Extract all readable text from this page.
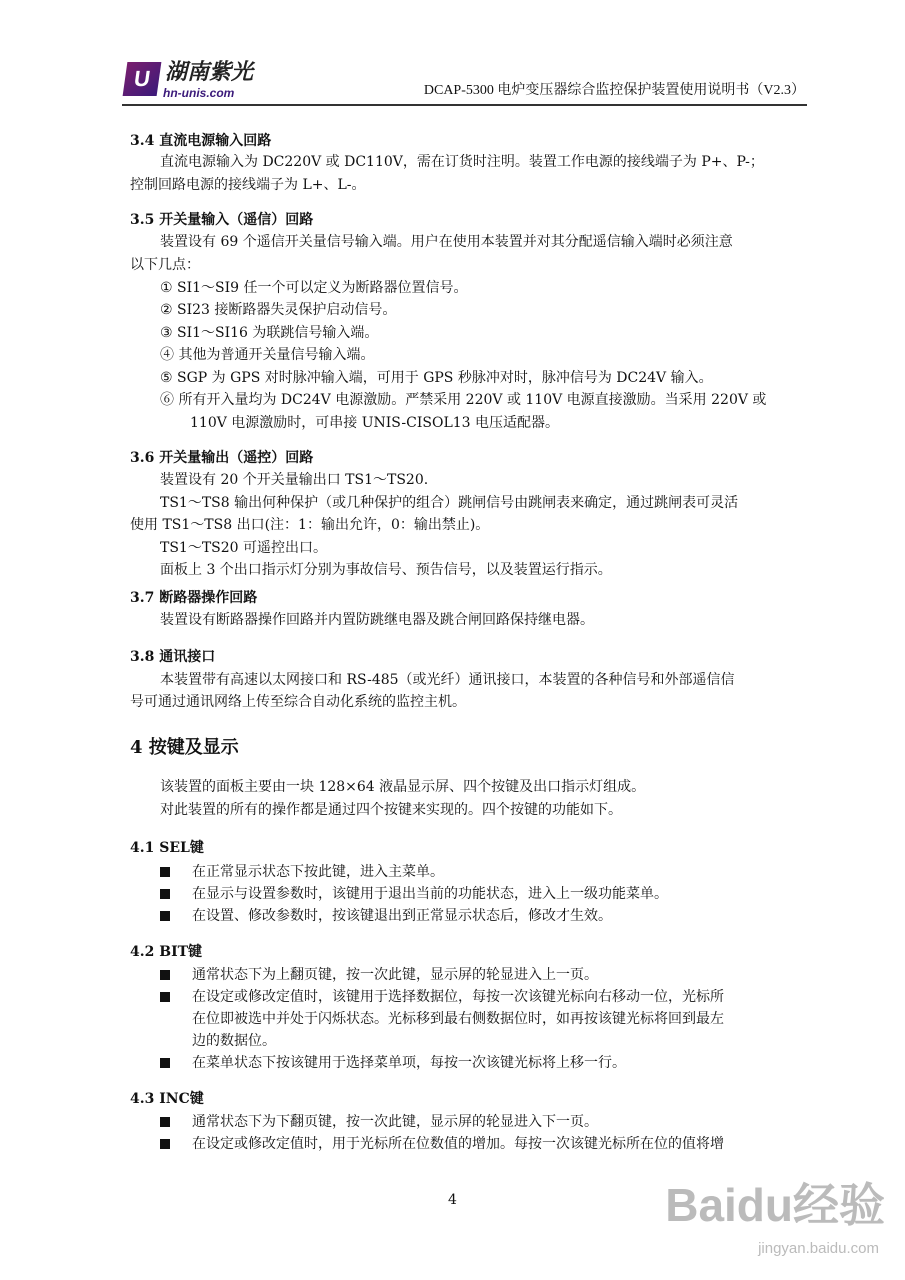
U 湖南紫光
hn-unis.com	DCAP-5300 电炉变压器综合监控保护装置使用说明书（V2.3）
3.4 直流电源输入回路
直流电源输入为 DC220V 或 DC110V，需在订货时注明。装置工作电源的接线端子为 P+、P-；
控制回路电源的接线端子为 L+、L-。
3.5 开关量输入（遥信）回路
装置设有 69 个遥信开关量信号输入端。用户在使用本装置并对其分配遥信输入端时必须注意
以下几点：
① SI1～SI9 任一个可以定义为断路器位置信号。
② SI23 接断路器失灵保护启动信号。
③ SI1～SI16 为联跳信号输入端。
④ 其他为普通开关量信号输入端。
⑤ SGP 为 GPS 对时脉冲输入端，可用于 GPS 秒脉冲对时，脉冲信号为 DC24V 输入。
⑥ 所有开入量均为 DC24V 电源激励。严禁采用 220V 或 110V 电源直接激励。当采用 220V 或
110V 电源激励时，可串接 UNIS-CISOL13 电压适配器。
3.6 开关量输出（遥控）回路
装置设有 20 个开关量输出口 TS1～TS20.
TS1～TS8 输出何种保护（或几种保护的组合）跳闸信号由跳闸表来确定，通过跳闸表可灵活
使用 TS1～TS8 出口(注：1：输出允许，0：输出禁止)。
TS1～TS20 可遥控出口。
面板上 3 个出口指示灯分别为事故信号、预告信号，以及装置运行指示。
3.7 断路器操作回路
装置设有断路器操作回路并内置防跳继电器及跳合闸回路保持继电器。
3.8 通讯接口
本装置带有高速以太网接口和 RS-485（或光纤）通讯接口，本装置的各种信号和外部遥信信
号可通过通讯网络上传至综合自动化系统的监控主机。
4 按键及显示
该装置的面板主要由一块 128×64 液晶显示屏、四个按键及出口指示灯组成。
对此装置的所有的操作都是通过四个按键来实现的。四个按键的功能如下。
4.1 SEL键
在正常显示状态下按此键，进入主菜单。
在显示与设置参数时，该键用于退出当前的功能状态，进入上一级功能菜单。
在设置、修改参数时，按该键退出到正常显示状态后，修改才生效。
4.2 BIT键
通常状态下为上翻页键，按一次此键，显示屏的轮显进入上一页。
在设定或修改定值时，该键用于选择数据位，每按一次该键光标向右移动一位，光标所
在位即被选中并处于闪烁状态。光标移到最右侧数据位时，如再按该键光标将回到最左
边的数据位。
在菜单状态下按该键用于选择菜单项，每按一次该键光标将上移一行。
4.3 INC键
通常状态下为下翻页键，按一次此键，显示屏的轮显进入下一页。
在设定或修改定值时，用于光标所在位数值的增加。每按一次该键光标所在位的值将增
4	Baidu经验
jingyan.baidu.com
